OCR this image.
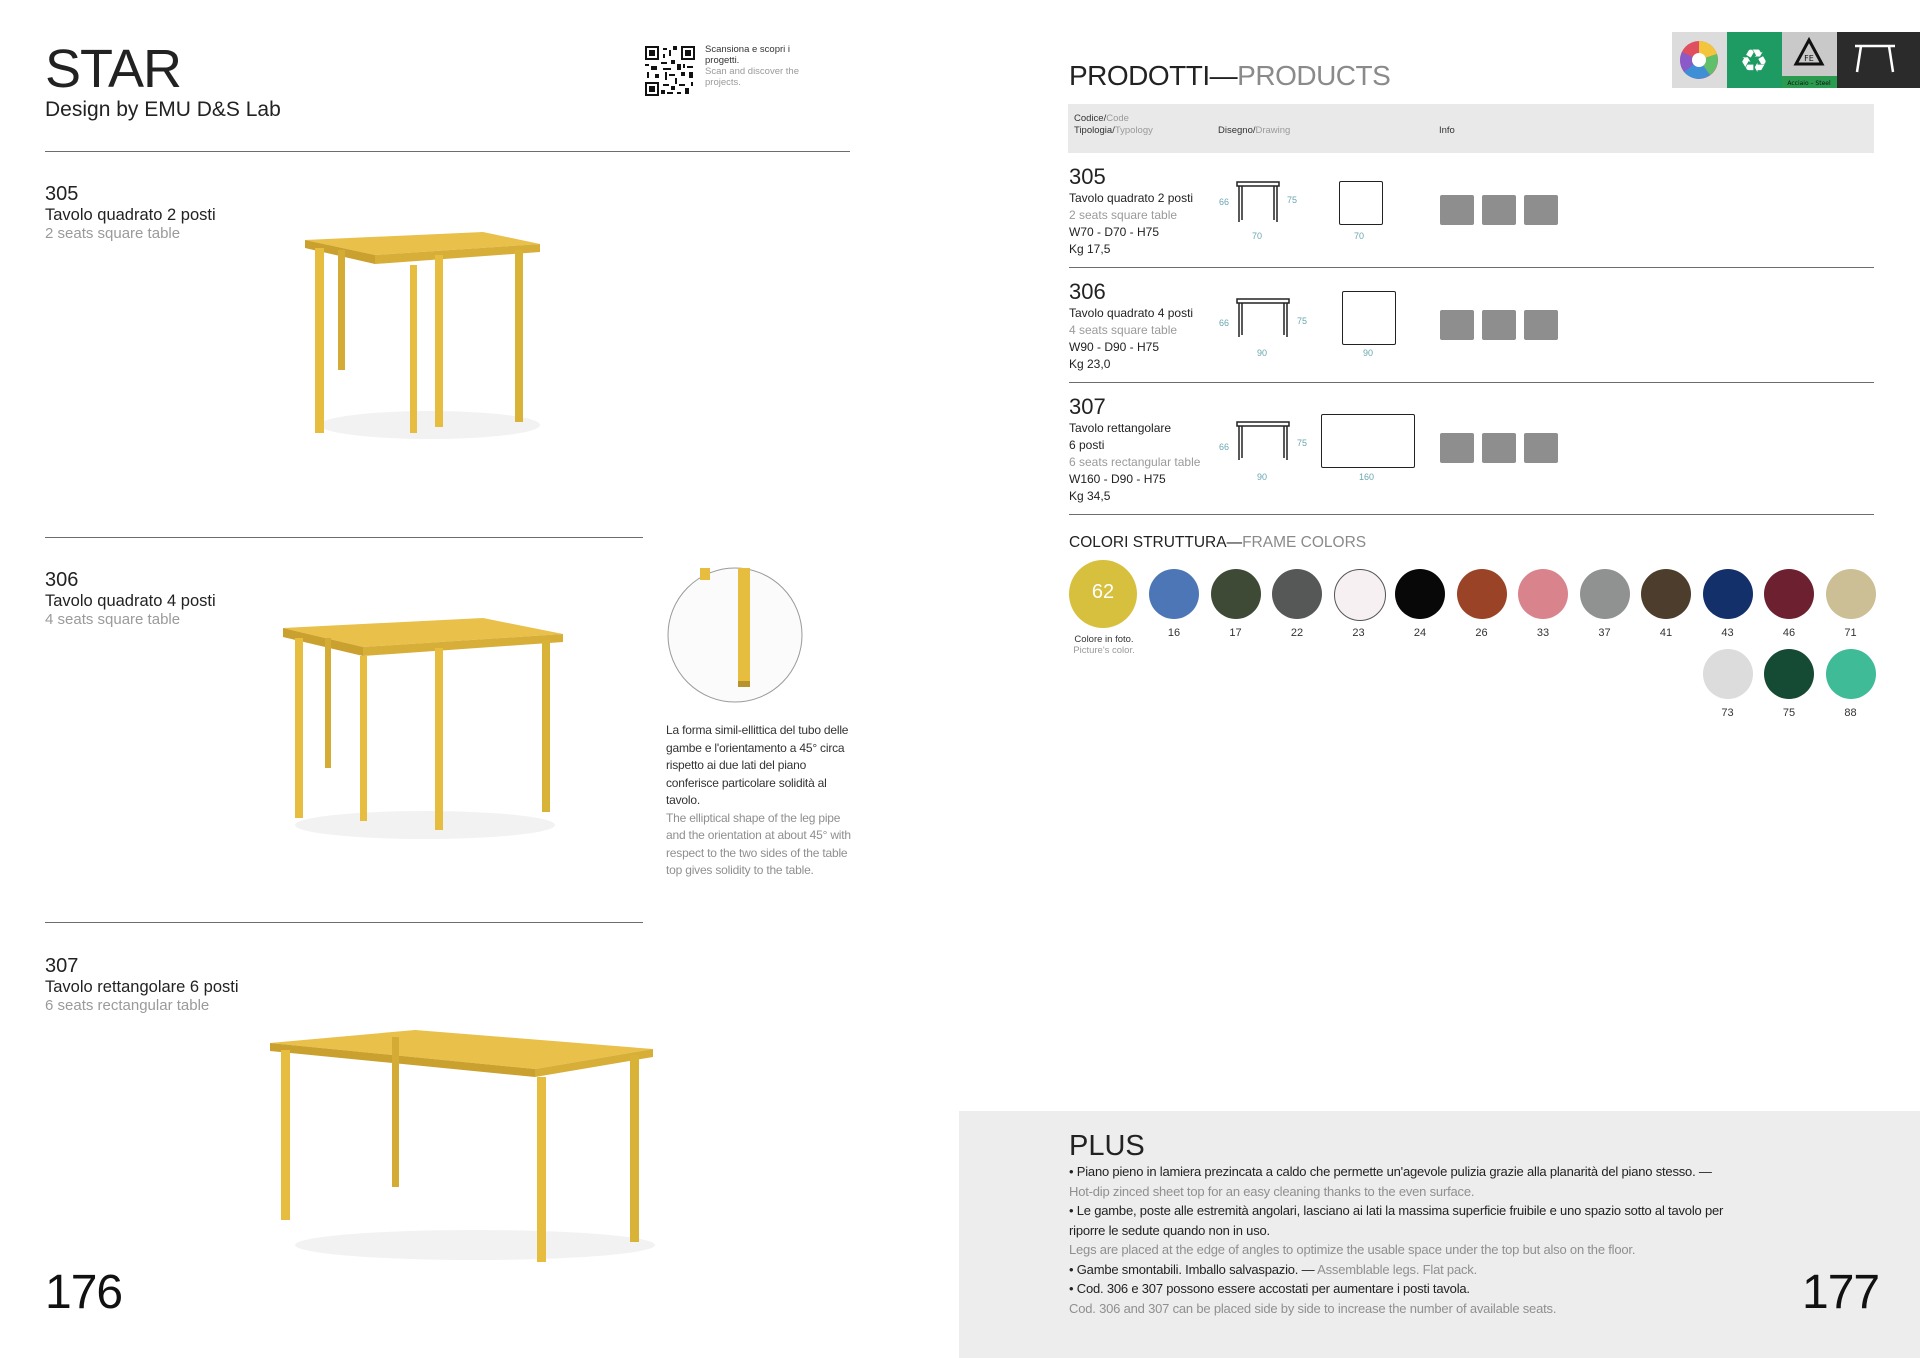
STAR
Design by EMU D&S Lab
Scansiona e scopri i progetti.
Scan and discover the projects.
305
Tavolo quadrato 2 posti
2 seats square table
306
Tavolo quadrato 4 posti
4 seats square table
La forma simil-ellittica del tubo delle gambe e l'orientamento a 45° circa rispetto ai due lati del piano conferisce particolare solidità al tavolo.
The elliptical shape of the leg pipe and the orientation at about 45° with respect to the two sides of the table top gives solidity to the table.
307
Tavolo rettangolare 6 posti
6 seats rectangular table
176
♻	FE
Acciaio – Steel
PRODOTTI—PRODUCTS
Codice/Code
Tipologia/Typology	Disegno/Drawing	Info
305
Tavolo quadrato 2 posti
2 seats square table
W70 - D70 - H75
Kg 17,5
66	75
70	70
306
Tavolo quadrato 4 posti
4 seats square table
W90 - D90 - H75
Kg 23,0
66	75
90	90
307
Tavolo rettangolare
6 posti
6 seats rectangular table
W160 - D90 - H75
Kg 34,5
66	75
90	160
COLORI STRUTTURA—FRAME COLORS
62
Colore in foto.
Picture's color.
16	17	22	23	24	26	33	37	41	43	46	71
73	75	88
PLUS
• Piano pieno in lamiera prezincata a caldo che permette un'agevole pulizia grazie alla planarità del piano stesso. — Hot-dip zinced sheet top for an easy cleaning thanks to the even surface.
• Le gambe, poste alle estremità angolari, lasciano ai lati la massima superficie fruibile e uno spazio sotto al tavolo per riporre le sedute quando non in uso.
Legs are placed at the edge of angles to optimize the usable space under the top but also on the floor.
• Gambe smontabili. Imballo salvaspazio. — Assemblable legs. Flat pack.
• Cod. 306 e 307 possono essere accostati per aumentare i posti tavola.
Cod. 306 and 307 can be placed side by side to increase the number of available seats.	177
